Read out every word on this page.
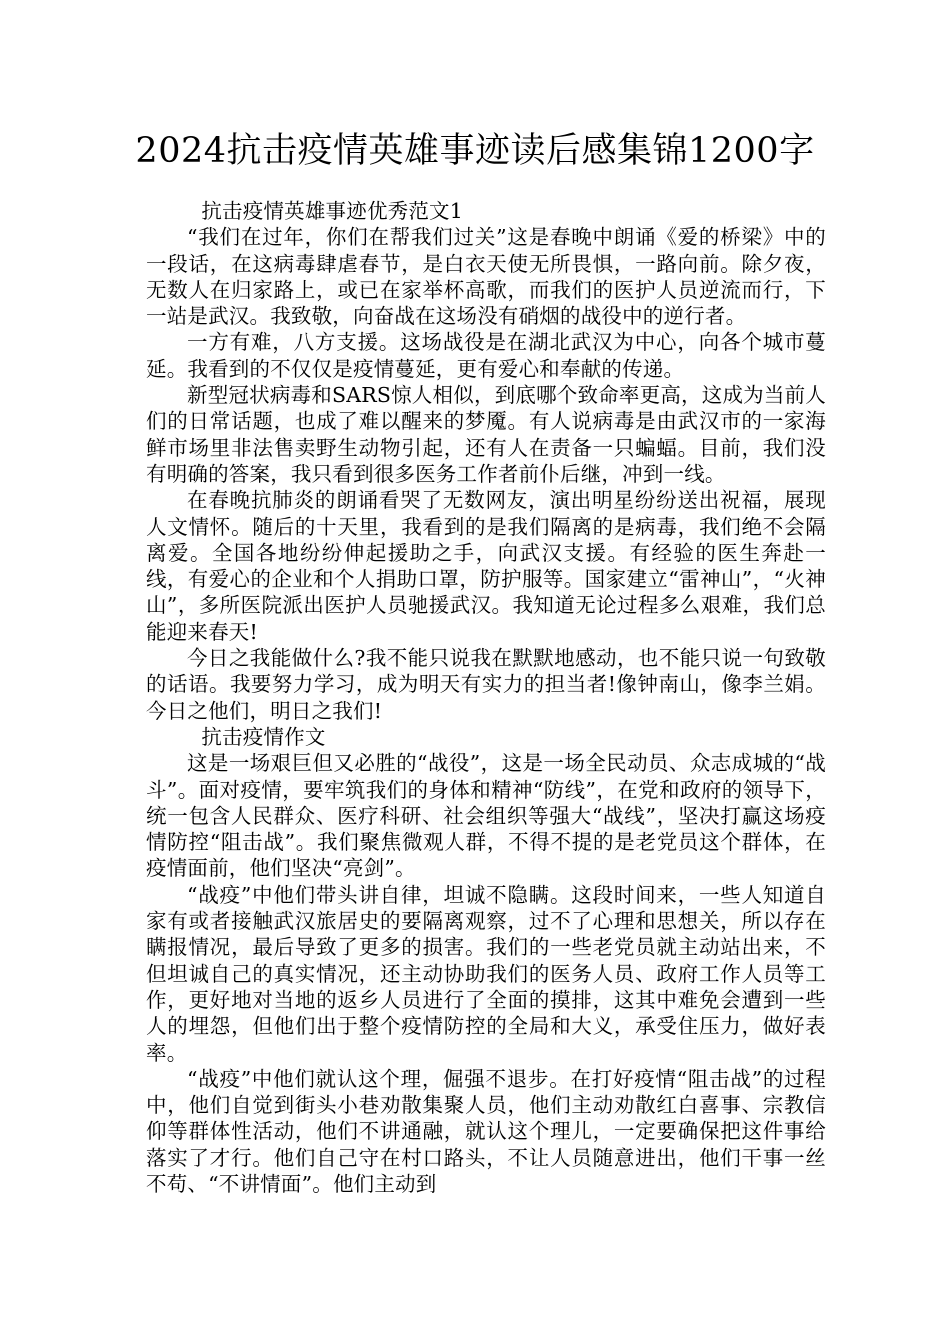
2024抗击疫情英雄事迹读后感集锦1200字

抗击疫情英雄事迹优秀范文1

“我们在过年，你们在帮我们过关”这是春晚中朗诵《爱的桥梁》中的一段话，在这病毒肆虐春节，是白衣天使无所畏惧，一路向前。除夕夜，无数人在归家路上，或已在家举杯高歌，而我们的医护人员逆流而行，下一站是武汉。我致敬，向奋战在这场没有硝烟的战役中的逆行者。

一方有难，八方支援。这场战役是在湖北武汉为中心，向各个城市蔓延。我看到的不仅仅是疫情蔓延，更有爱心和奉献的传递。

新型冠状病毒和SARS惊人相似，到底哪个致命率更高，这成为当前人们的日常话题，也成了难以醒来的梦魇。有人说病毒是由武汉市的一家海鲜市场里非法售卖野生动物引起，还有人在责备一只蝙蝠。目前，我们没有明确的答案，我只看到很多医务工作者前仆后继，冲到一线。

在春晚抗肺炎的朗诵看哭了无数网友，演出明星纷纷送出祝福，展现人文情怀。随后的十天里，我看到的是我们隔离的是病毒，我们绝不会隔离爱。全国各地纷纷伸起援助之手，向武汉支援。有经验的医生奔赴一线，有爱心的企业和个人捐助口罩，防护服等。国家建立“雷神山”，“火神山”，多所医院派出医护人员驰援武汉。我知道无论过程多么艰难，我们总能迎来春天!

今日之我能做什么?我不能只说我在默默地感动，也不能只说一句致敬的话语。我要努力学习，成为明天有实力的担当者!像钟南山，像李兰娟。今日之他们，明日之我们!

抗击疫情作文

这是一场艰巨但又必胜的“战役”，这是一场全民动员、众志成城的“战斗”。面对疫情，要牢筑我们的身体和精神“防线”，在党和政府的领导下，统一包含人民群众、医疗科研、社会组织等强大“战线”，坚决打赢这场疫情防控“阻击战”。我们聚焦微观人群，不得不提的是老党员这个群体，在疫情面前，他们坚决“亮剑”。

“战疫”中他们带头讲自律，坦诚不隐瞒。这段时间来，一些人知道自家有或者接触武汉旅居史的要隔离观察，过不了心理和思想关，所以存在瞒报情况，最后导致了更多的损害。我们的一些老党员就主动站出来，不但坦诚自己的真实情况，还主动协助我们的医务人员、政府工作人员等工作，更好地对当地的返乡人员进行了全面的摸排，这其中难免会遭到一些人的埋怨，但他们出于整个疫情防控的全局和大义，承受住压力，做好表率。

“战疫”中他们就认这个理，倔强不退步。在打好疫情“阻击战”的过程中，他们自觉到街头小巷劝散集聚人员，他们主动劝散红白喜事、宗教信仰等群体性活动，他们不讲通融，就认这个理儿，一定要确保把这件事给落实了才行。他们自己守在村口路头，不让人员随意进出，他们干事一丝不苟、“不讲情面”。他们主动到
